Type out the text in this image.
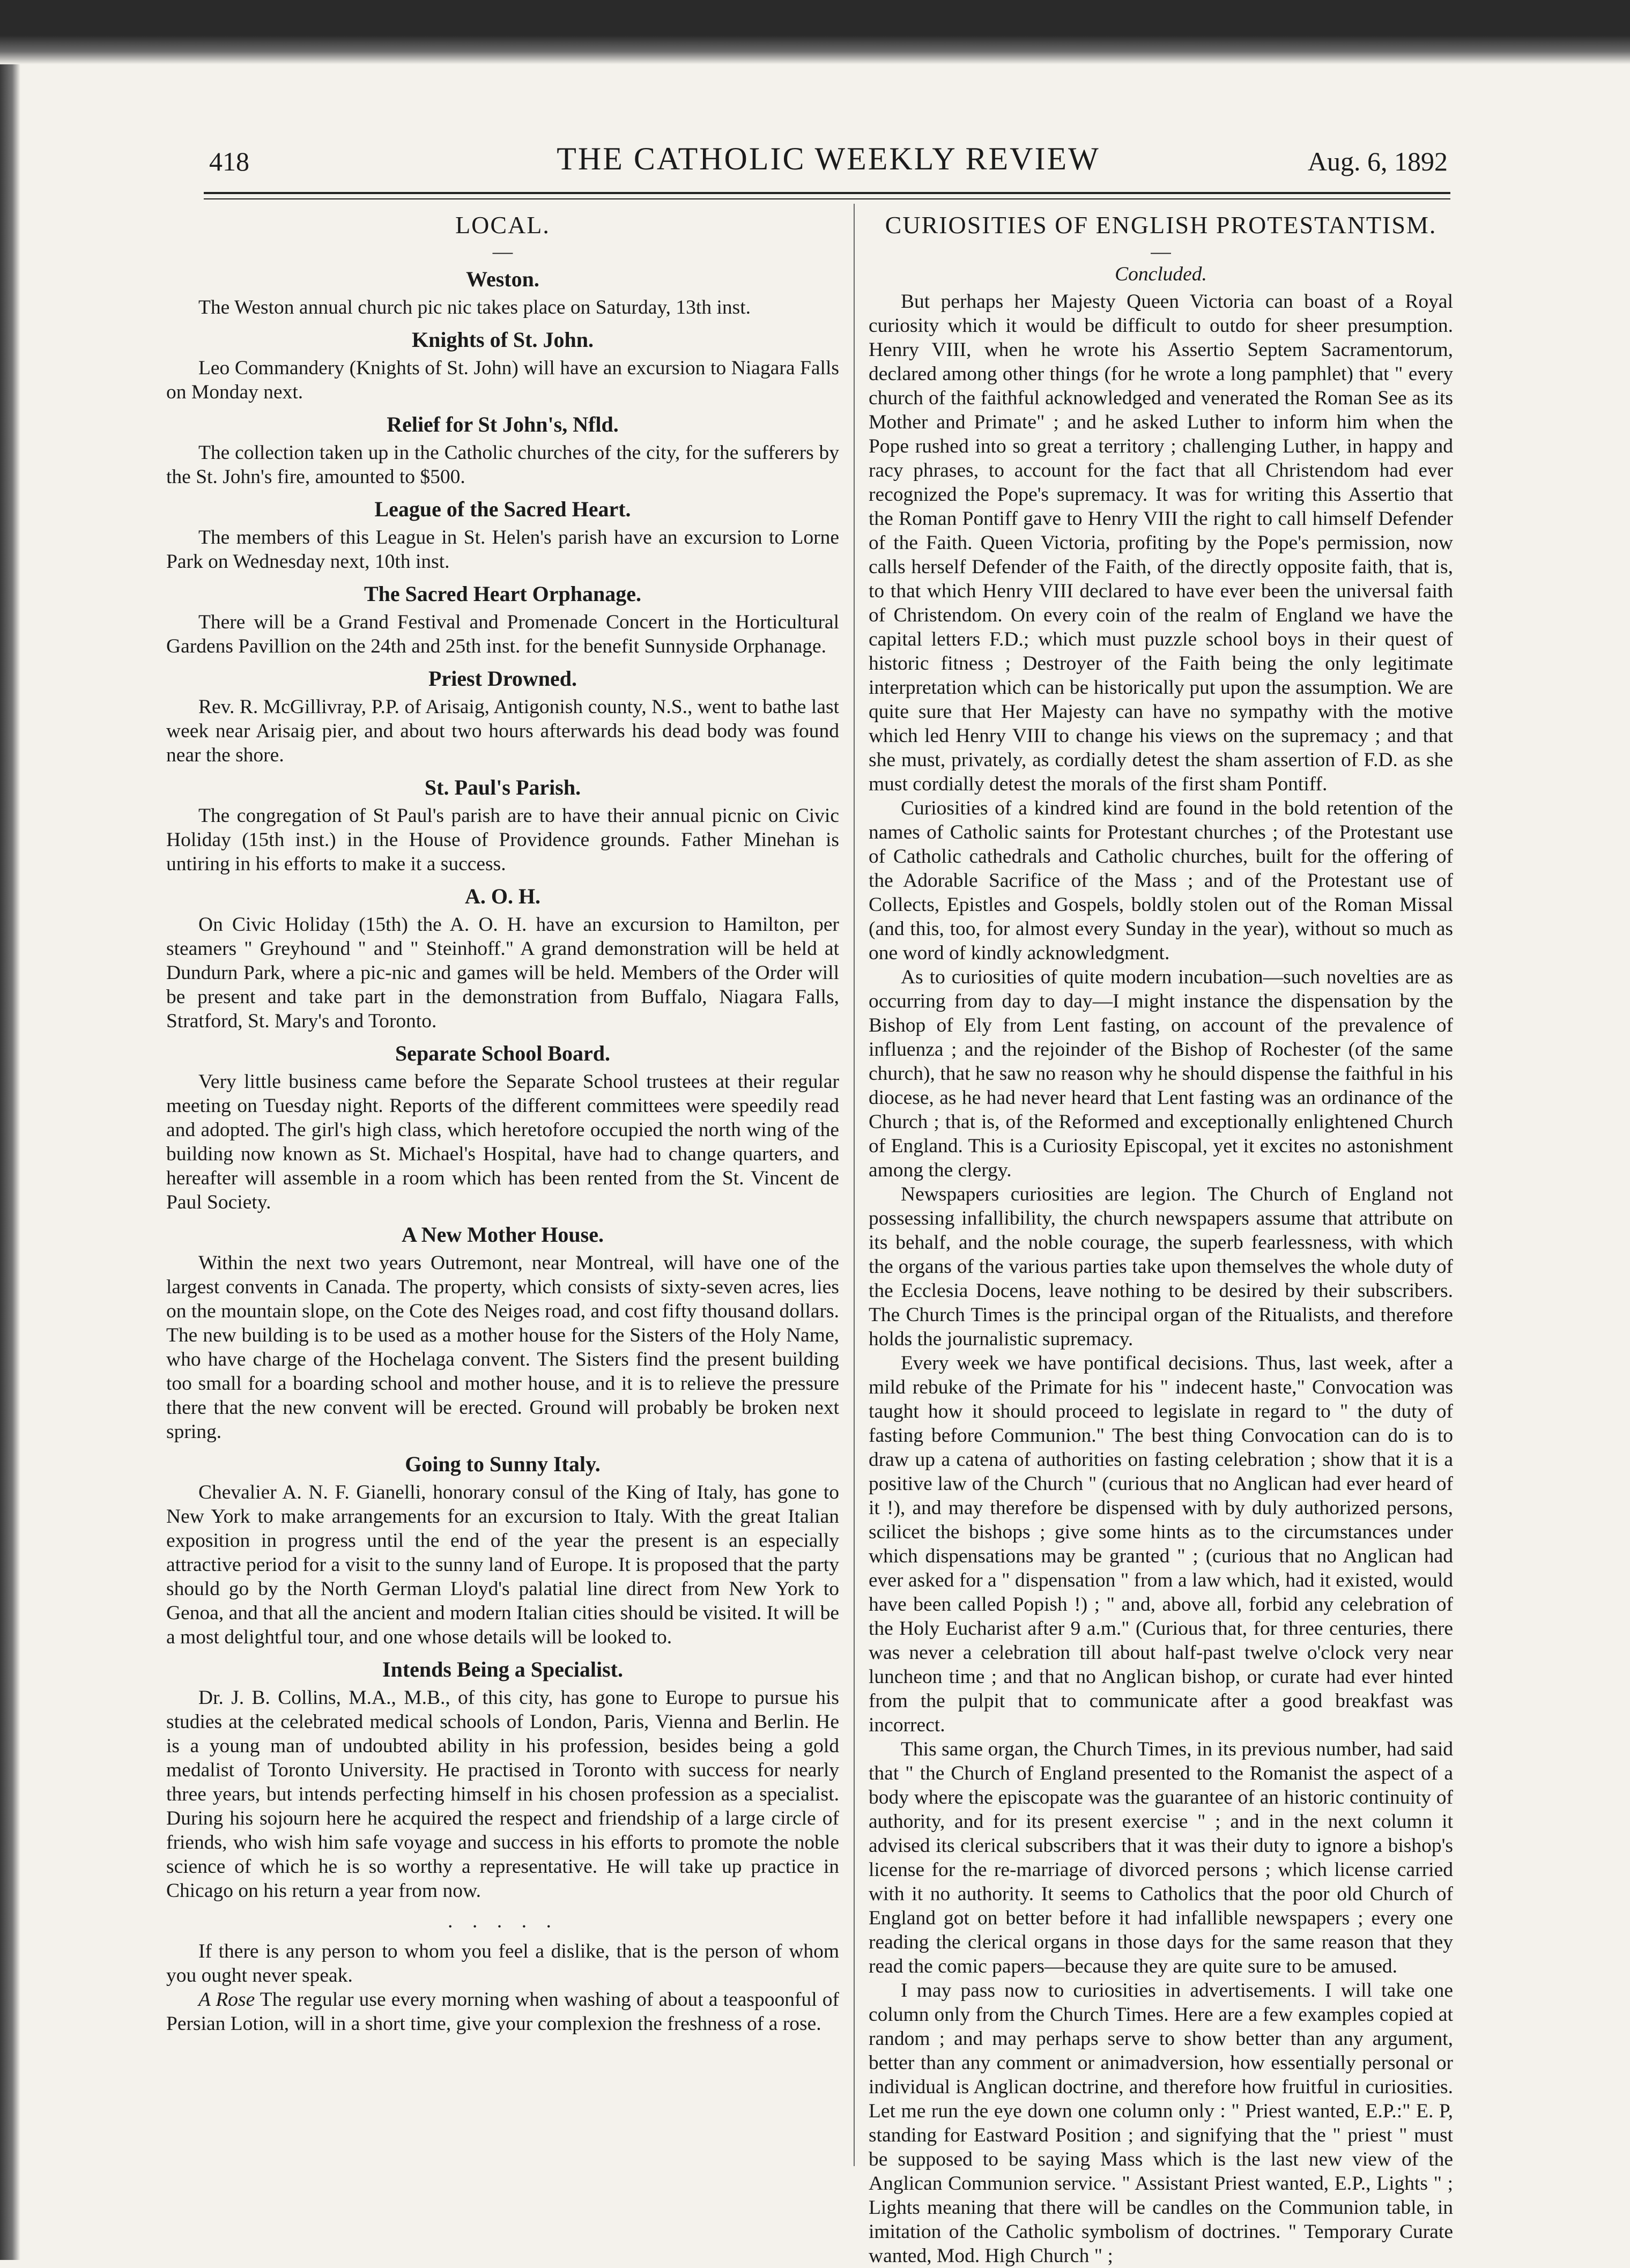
418	THE CATHOLIC WEEKLY REVIEW	Aug. 6, 1892
LOCAL.
—
Weston.

The Weston annual church pic nic takes place on Saturday, 13th inst.

Knights of St. John.

Leo Commandery (Knights of St. John) will have an excursion to Niagara Falls on Monday next.

Relief for St John's, Nfld.

The collection taken up in the Catholic churches of the city, for the sufferers by the St. John's fire, amounted to $500.

League of the Sacred Heart.

The members of this League in St. Helen's parish have an excursion to Lorne Park on Wednesday next, 10th inst.

The Sacred Heart Orphanage.

There will be a Grand Festival and Promenade Concert in the Horticultural Gardens Pavillion on the 24th and 25th inst. for the benefit Sunnyside Orphanage.

Priest Drowned.

Rev. R. McGillivray, P.P. of Arisaig, Antigonish county, N.S., went to bathe last week near Arisaig pier, and about two hours afterwards his dead body was found near the shore.

St. Paul's Parish.

The congregation of St Paul's parish are to have their annual picnic on Civic Holiday (15th inst.) in the House of Providence grounds. Father Minehan is untiring in his efforts to make it a success.

A. O. H.

On Civic Holiday (15th) the A. O. H. have an excursion to Hamilton, per steamers " Greyhound " and " Steinhoff." A grand demonstration will be held at Dundurn Park, where a pic-nic and games will be held. Members of the Order will be present and take part in the demonstration from Buffalo, Niagara Falls, Stratford, St. Mary's and Toronto.

Separate School Board.

Very little business came before the Separate School trustees at their regular meeting on Tuesday night. Reports of the different committees were speedily read and adopted. The girl's high class, which heretofore occupied the north wing of the building now known as St. Michael's Hospital, have had to change quarters, and hereafter will assemble in a room which has been rented from the St. Vincent de Paul Society.

A New Mother House.

Within the next two years Outremont, near Montreal, will have one of the largest convents in Canada. The property, which consists of sixty-seven acres, lies on the mountain slope, on the Cote des Neiges road, and cost fifty thousand dollars. The new building is to be used as a mother house for the Sisters of the Holy Name, who have charge of the Hochelaga convent. The Sisters find the present building too small for a boarding school and mother house, and it is to relieve the pressure there that the new convent will be erected. Ground will probably be broken next spring.

Going to Sunny Italy.

Chevalier A. N. F. Gianelli, honorary consul of the King of Italy, has gone to New York to make arrangements for an excursion to Italy. With the great Italian exposition in progress until the end of the year the present is an especially attractive period for a visit to the sunny land of Europe. It is proposed that the party should go by the North German Lloyd's palatial line direct from New York to Genoa, and that all the ancient and modern Italian cities should be visited. It will be a most delightful tour, and one whose details will be looked to.

Intends Being a Specialist.

Dr. J. B. Collins, M.A., M.B., of this city, has gone to Europe to pursue his studies at the celebrated medical schools of London, Paris, Vienna and Berlin. He is a young man of undoubted ability in his profession, besides being a gold medalist of Toronto University. He practised in Toronto with success for nearly three years, but intends perfecting himself in his chosen profession as a specialist. During his sojourn here he acquired the respect and friendship of a large circle of friends, who wish him safe voyage and success in his efforts to promote the noble science of which he is so worthy a representative. He will take up practice in Chicago on his return a year from now.

· · · · ·

If there is any person to whom you feel a dislike, that is the person of whom you ought never speak.

A Rose The regular use every morning when washing of about a teaspoonful of Persian Lotion, will in a short time, give your complexion the freshness of a rose.

CURIOSITIES OF ENGLISH PROTESTANTISM.
—
Concluded.

But perhaps her Majesty Queen Victoria can boast of a Royal curiosity which it would be difficult to outdo for sheer presumption. Henry VIII, when he wrote his Assertio Septem Sacramentorum, declared among other things (for he wrote a long pamphlet) that " every church of the faithful acknowledged and venerated the Roman See as its Mother and Primate" ; and he asked Luther to inform him when the Pope rushed into so great a territory ; challenging Luther, in happy and racy phrases, to account for the fact that all Christendom had ever recognized the Pope's supremacy. It was for writing this Assertio that the Roman Pontiff gave to Henry VIII the right to call himself Defender of the Faith. Queen Victoria, profiting by the Pope's permission, now calls herself Defender of the Faith, of the directly opposite faith, that is, to that which Henry VIII declared to have ever been the universal faith of Christendom. On every coin of the realm of England we have the capital letters F.D.; which must puzzle school boys in their quest of historic fitness ; Destroyer of the Faith being the only legitimate interpretation which can be historically put upon the assumption. We are quite sure that Her Majesty can have no sympathy with the motive which led Henry VIII to change his views on the supremacy ; and that she must, privately, as cordially detest the sham assertion of F.D. as she must cordially detest the morals of the first sham Pontiff.

Curiosities of a kindred kind are found in the bold retention of the names of Catholic saints for Protestant churches ; of the Protestant use of Catholic cathedrals and Catholic churches, built for the offering of the Adorable Sacrifice of the Mass ; and of the Protestant use of Collects, Epistles and Gospels, boldly stolen out of the Roman Missal (and this, too, for almost every Sunday in the year), without so much as one word of kindly acknowledgment.

As to curiosities of quite modern incubation—such novelties are as occurring from day to day—I might instance the dispensation by the Bishop of Ely from Lent fasting, on account of the prevalence of influenza ; and the rejoinder of the Bishop of Rochester (of the same church), that he saw no reason why he should dispense the faithful in his diocese, as he had never heard that Lent fasting was an ordinance of the Church ; that is, of the Reformed and exceptionally enlightened Church of England. This is a Curiosity Episcopal, yet it excites no astonishment among the clergy.

Newspapers curiosities are legion. The Church of England not possessing infallibility, the church newspapers assume that attribute on its behalf, and the noble courage, the superb fearlessness, with which the organs of the various parties take upon themselves the whole duty of the Ecclesia Docens, leave nothing to be desired by their subscribers. The Church Times is the principal organ of the Ritualists, and therefore holds the journalistic supremacy.

Every week we have pontifical decisions. Thus, last week, after a mild rebuke of the Primate for his " indecent haste," Convocation was taught how it should proceed to legislate in regard to " the duty of fasting before Communion." The best thing Convocation can do is to draw up a catena of authorities on fasting celebration ; show that it is a positive law of the Church " (curious that no Anglican had ever heard of it !), and may therefore be dispensed with by duly authorized persons, scilicet the bishops ; give some hints as to the circumstances under which dispensations may be granted " ; (curious that no Anglican had ever asked for a " dispensation " from a law which, had it existed, would have been called Popish !) ; " and, above all, forbid any celebration of the Holy Eucharist after 9 a.m." (Curious that, for three centuries, there was never a celebration till about half-past twelve o'clock very near luncheon time ; and that no Anglican bishop, or curate had ever hinted from the pulpit that to communicate after a good breakfast was incorrect.

This same organ, the Church Times, in its previous number, had said that " the Church of England presented to the Romanist the aspect of a body where the episcopate was the guarantee of an historic continuity of authority, and for its present exercise " ; and in the next column it advised its clerical subscribers that it was their duty to ignore a bishop's license for the re-marriage of divorced persons ; which license carried with it no authority. It seems to Catholics that the poor old Church of England got on better before it had infallible newspapers ; every one reading the clerical organs in those days for the same reason that they read the comic papers—because they are quite sure to be amused.

I may pass now to curiosities in advertisements. I will take one column only from the Church Times. Here are a few examples copied at random ; and may perhaps serve to show better than any argument, better than any comment or animadversion, how essentially personal or individual is Anglican doctrine, and therefore how fruitful in curiosities. Let me run the eye down one column only : " Priest wanted, E.P.:" E. P, standing for Eastward Position ; and signifying that the " priest " must be supposed to be saying Mass which is the last new view of the Anglican Communion service. " Assistant Priest wanted, E.P., Lights " ; Lights meaning that there will be candles on the Communion table, in imitation of the Catholic symbolism of doctrines. " Temporary Curate wanted, Mod. High Church " ;
